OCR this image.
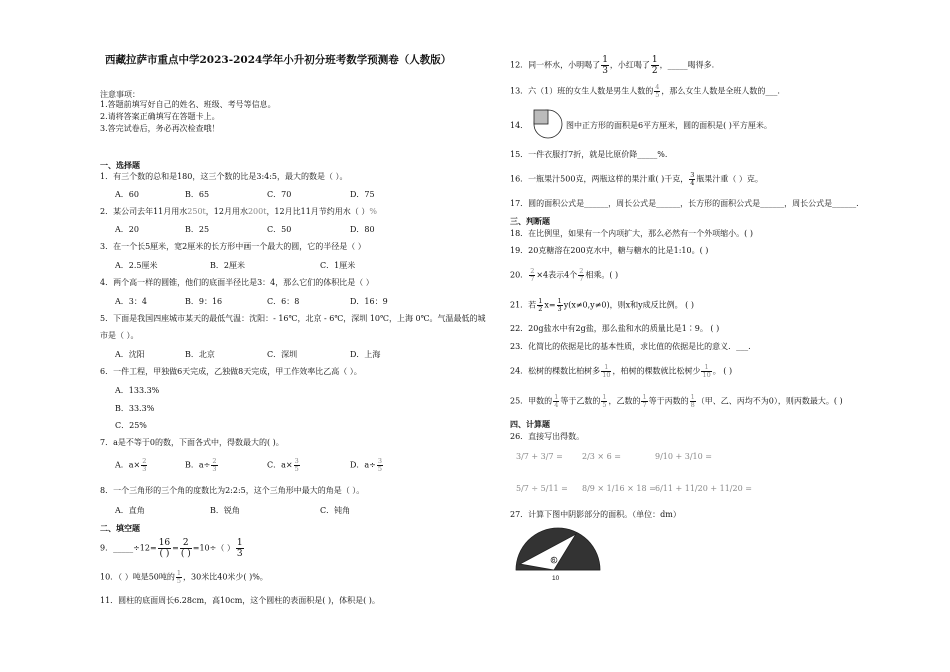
西藏拉萨市重点中学2023-2024学年小升初分班考数学预测卷（人教版）
注意事项：
1.答题前填写好自己的姓名、班级、考号等信息。
2.请将答案正确填写在答题卡上。
3.答完试卷后，务必再次检查哦！
一、选择题
1．有三个数的总和是180，这三个数的比是3:4:5，最大的数是（ ）。
A．60	B．65	C．70	D．75
2．某公司去年11月用水250t，12月用水200t，12月比11月节约用水（ ）%
A．20	B．25	C．50	D．80
3．在一个长5厘米，宽2厘米的长方形中画一个最大的圆，它的半径是（ ）
A．2.5厘米	B．2厘米	C．1厘米
4．两个高一样的圆锥，他们的底面半径比是3：4，那么它们的体积比是（ ）
A．3：4	B．9：16	C．6：8	D．16：9
5．下面是我国四座城市某天的最低气温：沈阳：- 16℃，北京 - 6℃，深圳 10℃，上海 0℃。气温最低的城
市是（ ）。
A．沈阳	B．北京	C．深圳	D．上海
6．一件工程，甲独做6天完成，乙独做8天完成，甲工作效率比乙高（ ）。
A．133.3%
B．33.3%
C．25%
7．a是不等于0的数，下面各式中，得数最大的( )。
A．$a\times \frac{2}{3}$	B．$a\div \frac{2}{3}$	C．$a\times \frac{3}{5}$	D．$a\div \frac{3}{5}$
8．一个三角形的三个角的度数比为2:2:5，这个三角形中最大的角是（ ）。
A．直角	B．锐角	C．钝角
二、填空题
9．_____÷12= $\frac{16}{( )} = \frac{2}{( )} =10\div$（ ） $\frac{1}{3}$
10．（ ）吨是50吨的 $\frac{1}{5}$ ，30米比40米少( )%。
11．圆柱的底面周长6.28cm，高10cm，这个圆柱的表面积是( )，体积是( )。
12．同一杯水，小明喝了 $\frac{1}{3}$ ，小红喝了 $\frac{1}{2}$ ，_____喝得多.
13．六（1）班的女生人数是男生人数的 $\frac{4}{5}$ ，那么女生人数是全班人数的___.
14．	图中正方形的面积是6平方厘米，圆的面积是( )平方厘米。
15．一件衣服打7折，就是比原价降_____%.
16．一瓶果汁500克，两瓶这样的果汁重( )千克， $\frac{3}{4}$ 瓶果汁重（ ）克。
17．圆的面积公式是______，周长公式是______，长方形的面积公式是______，周长公式是______.
三、判断题
18．在比例里，如果有一个内项扩大，那么必然有一个外项缩小。( )
19．20克糖溶在200克水中，糖与糖水的比是1:10。( )
20． $\frac{2}{7} \times 4$表示4个 $\frac{2}{7}$ 相乘。( )
21．若 $\frac{1}{2} x= \frac{1}{3} y(x\ne 0,y\ne 0)$，则x和y成反比例。 ( )
22．20g盐水中有2g盐，那么盐和水的质量比是1∶9。 ( )
23．化简比的依据是比的基本性质，求比值的依据是比的意义．___.
24．松树的棵数比柏树多 $\frac{1}{10}$ ，柏树的棵数就比松树少 $\frac{1}{10}$ 。 ( )
25．甲数的 $\frac{1}{4}$ 等于乙数的 $\frac{1}{5}$ ，乙数的 $\frac{1}{7}$ 等于丙数的 $\frac{1}{8}$ （甲、乙、丙均不为0），则丙数最大。( )
四、计算题
26．直接写出得数。
3/7 + 3/7 = 2/3 × 6 =	9/10 + 3/10 =
5/7 ÷ 5/11 = 8/9 × 1/16 × 18 = 6/11 + 11/20 + 11/20 =
27．计算下图中阴影部分的面积。（单位：dm）
6
10
